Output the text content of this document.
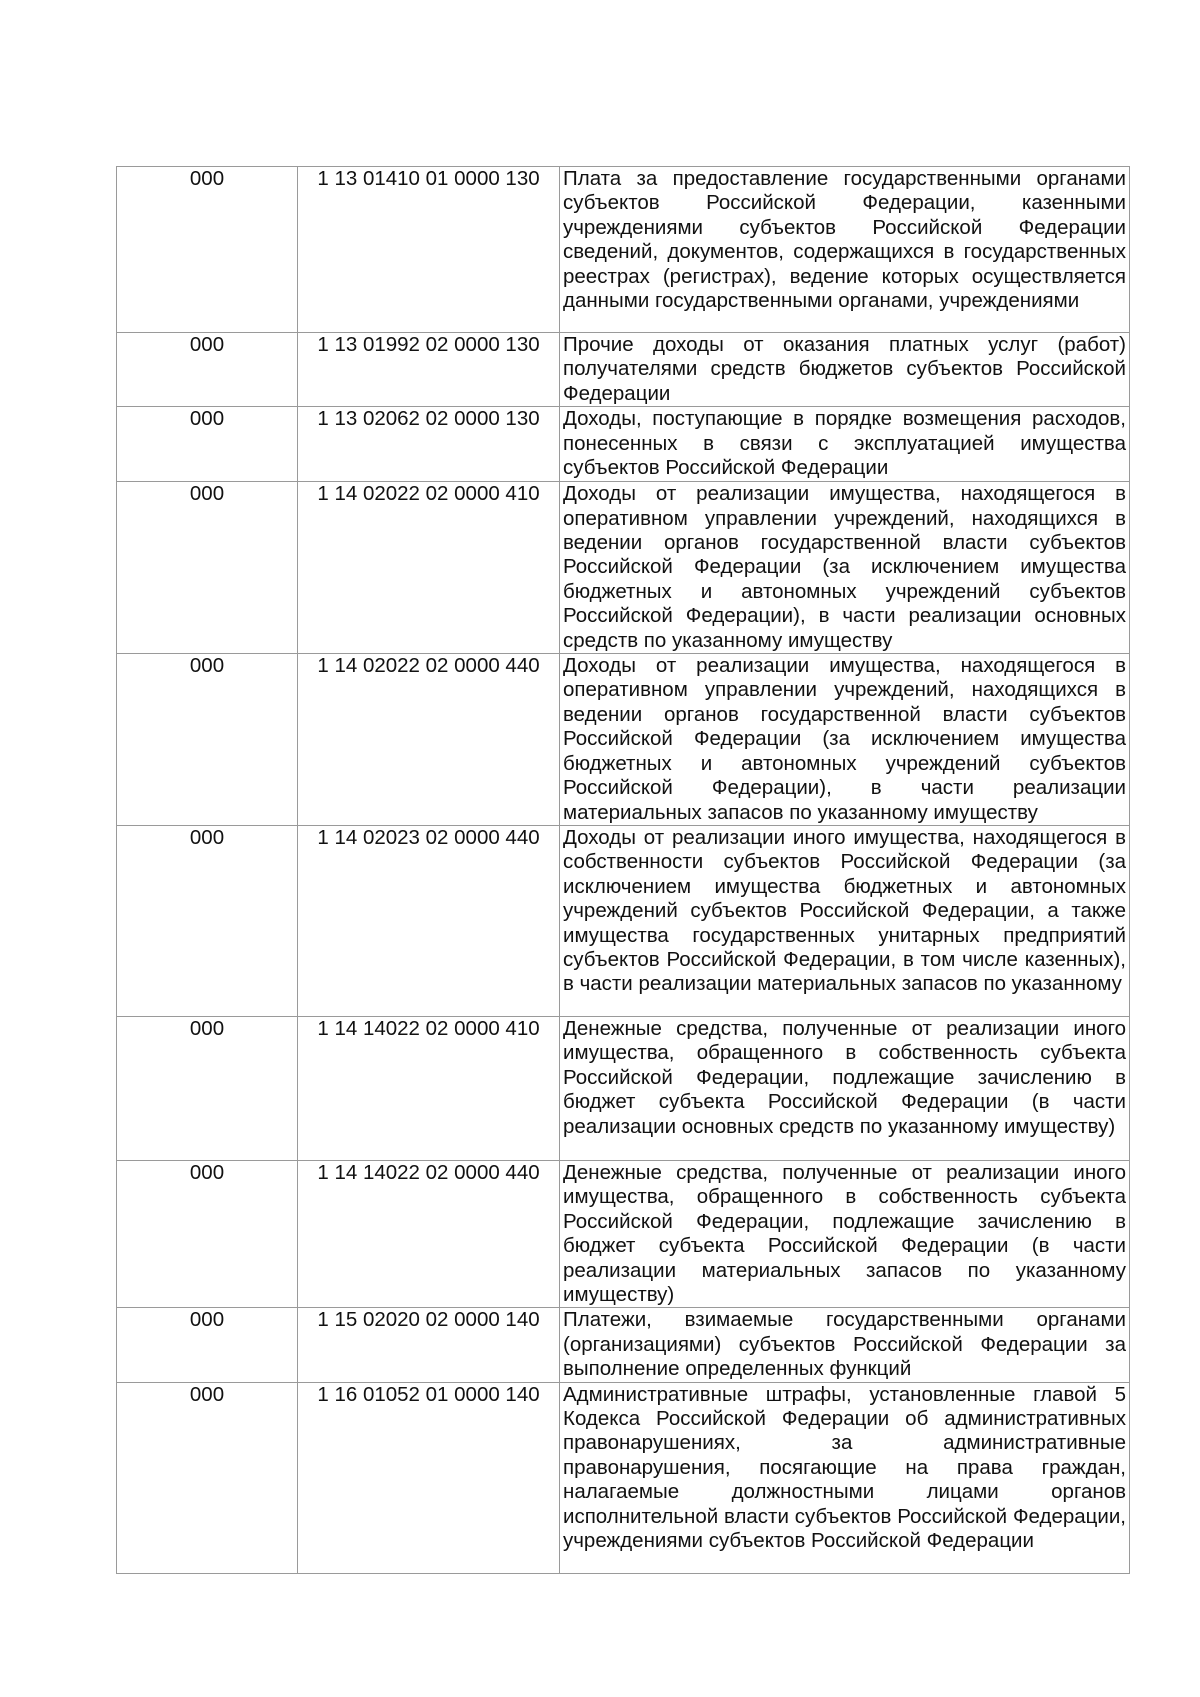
000	1 13 01410 01 0000 130	Плата за предоставление государственными органами субъектов Российской Федерации, казенными учреждениями субъектов Российской Федерации сведений, документов, содержащихся в государственных реестрах (регистрах), ведение которых осуществляется данными государственными органами, учреждениями

000	1 13 01992 02 0000 130	Прочие доходы от оказания платных услуг (работ) получателями средств бюджетов субъектов Российской Федерации

000	1 13 02062 02 0000 130	Доходы, поступающие в порядке возмещения расходов, понесенных в связи с эксплуатацией имущества субъектов Российской Федерации

000	1 14 02022 02 0000 410	Доходы от реализации имущества, находящегося в оперативном управлении учреждений, находящихся в ведении органов государственной власти субъектов Российской Федерации (за исключением имущества бюджетных и автономных учреждений субъектов Российской Федерации), в части реализации основных средств по указанному имуществу

000	1 14 02022 02 0000 440	Доходы от реализации имущества, находящегося в оперативном управлении учреждений, находящихся в ведении органов государственной власти субъектов Российской Федерации (за исключением имущества бюджетных и автономных учреждений субъектов Российской Федерации), в части реализации материальных запасов по указанному имуществу

000	1 14 02023 02 0000 440	Доходы от реализации иного имущества, находящегося в собственности субъектов Российской Федерации (за исключением имущества бюджетных и автономных учреждений субъектов Российской Федерации, а также имущества государственных унитарных предприятий субъектов Российской Федерации, в том числе казенных), в части реализации материальных запасов по указанному

000	1 14 14022 02 0000 410	Денежные средства, полученные от реализации иного имущества, обращенного в собственность субъекта Российской Федерации, подлежащие зачислению в бюджет субъекта Российской Федерации (в части реализации основных средств по указанному имуществу)

000	1 14 14022 02 0000 440	Денежные средства, полученные от реализации иного имущества, обращенного в собственность субъекта Российской Федерации, подлежащие зачислению в бюджет субъекта Российской Федерации (в части реализации материальных запасов по указанному имуществу)

000	1 15 02020 02 0000 140	Платежи, взимаемые государственными органами (организациями) субъектов Российской Федерации за выполнение определенных функций

000	1 16 01052 01 0000 140	Административные штрафы, установленные главой 5 Кодекса Российской Федерации об административных правонарушениях, за административные правонарушения, посягающие на права граждан, налагаемые должностными лицами органов исполнительной власти субъектов Российской Федерации, учреждениями субъектов Российской Федерации
